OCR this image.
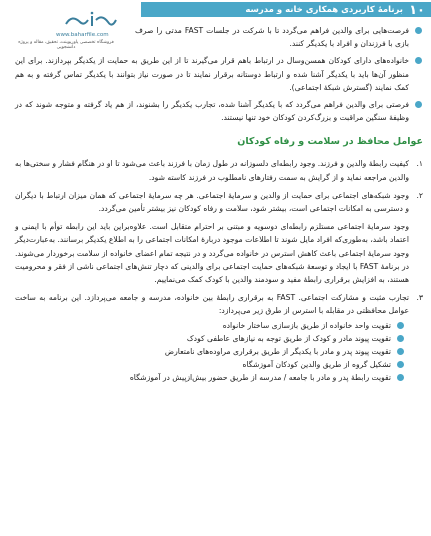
۱۰
برنامهٔ کاربردی همکاری خانه و مدرسه
www.baharfile.com
فروشگاه تخصصی پاورپوینت، تحقیق، مقاله و پروژه دانشجویی
فرصت‌هایی برای والدین فراهم می‌گردد تا با شرکت در جلسات FAST مدتی را صرف بازی با فرزندان و افراد با یکدیگر کنند.
خانواده‌های دارای کودکان همسن‌وسال در ارتباط باهم قرار می‌گیرند تا از این طریق به حمایت از یکدیگر بپردازند. برای این منظور آن‌ها باید با یکدیگر آشنا شده و ارتباط دوستانه برقرار نمایند تا در صورت نیاز بتوانند با یکدیگر تماس گرفته و به هم کمک نمایند (گسترش شبکهٔ اجتماعی).
فرصتی برای والدین فراهم می‌گردد که با یکدیگر آشنا شده، تجارب یکدیگر را بشنوند، از هم یاد گرفته و متوجه شوند که در وظیفهٔ سنگین مراقبت و بزرگ‌کردن کودکان خود تنها نیستند.
عوامل محافظ در سلامت و رفاه کودکان
۱.
کیفیت رابطهٔ والدین و فرزند. وجود رابطه‌ای دلسوزانه در طول زمان با فرزند باعث می‌شود تا او در هنگام فشار و سختی‌ها به والدین مراجعه نماید و از گرایش به سمت رفتارهای نامطلوب در فرزند کاسته شود.
۲.
وجود شبکه‌های اجتماعی برای حمایت از والدین و سرمایهٔ اجتماعی. هر چه سرمایهٔ اجتماعی که همان میزان ارتباط با دیگران و دسترسی به امکانات اجتماعی است، بیشتر شود، سلامت و رفاه کودکان نیز بیشتر تأمین می‌گردد.
وجود سرمایهٔ اجتماعی مستلزم رابطه‌ای دوسویه و مبتنی بر احترام متقابل است. علاوه‌براین باید این رابطه توأم با ایمنی و اعتماد باشد، به‌طوری‌که افراد مایل شوند تا اطلاعات موجود درباره‌ٔ امکانات اجتماعی را به اطلاع یکدیگر برسانند. به‌عبارت‌دیگر وجود سرمایهٔ اجتماعی باعث کاهش استرس در خانواده می‌گردد و در نتیجه تمام اعضای خانواده از سلامت برخوردار می‌شوند. در برنامهٔ FAST با ایجاد و توسعهٔ شبکه‌های حمایت اجتماعی برای والدینی که دچار تنش‌های اجتماعی ناشی از فقر و محرومیت هستند، به افزایش برقراری رابطهٔ مفید و سودمند والدین با کودک کمک می‌نماییم.
۳.
تجارب مثبت و مشارکت اجتماعی. FAST به برقراری رابطهٔ بین خانواده، مدرسه و جامعه می‌پردازد. این برنامه به ساخت عوامل محافظتی در مقابله با استرس از طرق زیر می‌پردازد:
تقویت واحد خانواده از طریق بازسازی ساختار خانواده
تقویت پیوند مادر و کودک از طریق توجه به نیازهای عاطفی کودک
تقویت پیوند پدر و مادر با یکدیگر از طریق برقراری مراوده‌های نامتعارض
تشکیل گروه از طریق والدین کودکان آموزشگاه
تقویت رابطهٔ پدر و مادر با جامعه / مدرسه از طریق حضور بیش‌ازپیش در آموزشگاه
